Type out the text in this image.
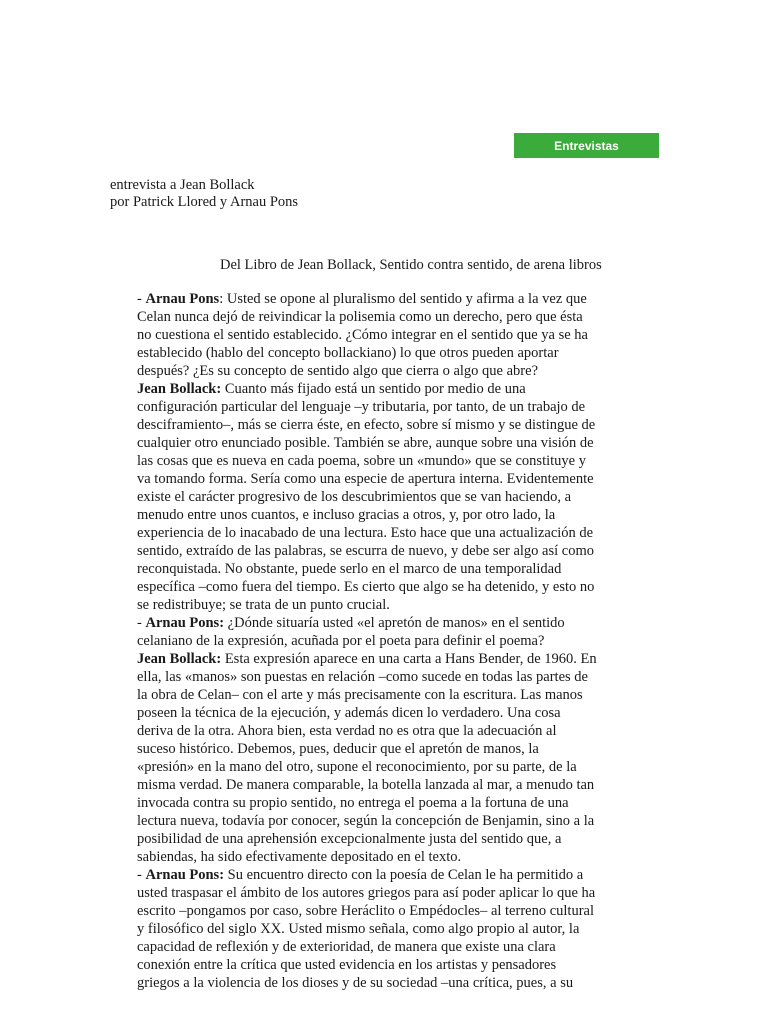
Entrevistas
entrevista a Jean Bollack
por Patrick Llored y Arnau Pons
Del Libro de Jean Bollack, Sentido contra sentido, de arena libros
- Arnau Pons: Usted se opone al pluralismo del sentido y afirma a la vez que
Celan nunca dejó de reivindicar la polisemia como un derecho, pero que ésta
no cuestiona el sentido establecido. ¿Cómo integrar en el sentido que ya se ha
establecido (hablo del concepto bollackiano) lo que otros pueden aportar
después? ¿Es su concepto de sentido algo que cierra o algo que abre?
Jean Bollack: Cuanto más fijado está un sentido por medio de una
configuración particular del lenguaje –y tributaria, por tanto, de un trabajo de
desciframiento–, más se cierra éste, en efecto, sobre sí mismo y se distingue de
cualquier otro enunciado posible. También se abre, aunque sobre una visión de
las cosas que es nueva en cada poema, sobre un «mundo» que se constituye y
va tomando forma. Sería como una especie de apertura interna. Evidentemente
existe el carácter progresivo de los descubrimientos que se van haciendo, a
menudo entre unos cuantos, e incluso gracias a otros, y, por otro lado, la
experiencia de lo inacabado de una lectura. Esto hace que una actualización de
sentido, extraído de las palabras, se escurra de nuevo, y debe ser algo así como
reconquistada. No obstante, puede serlo en el marco de una temporalidad
específica –como fuera del tiempo. Es cierto que algo se ha detenido, y esto no
se redistribuye; se trata de un punto crucial.
- Arnau Pons: ¿Dónde situaría usted «el apretón de manos» en el sentido
celaniano de la expresión, acuñada por el poeta para definir el poema?
Jean Bollack: Esta expresión aparece en una carta a Hans Bender, de 1960. En
ella, las «manos» son puestas en relación –como sucede en todas las partes de
la obra de Celan– con el arte y más precisamente con la escritura. Las manos
poseen la técnica de la ejecución, y además dicen lo verdadero. Una cosa
deriva de la otra. Ahora bien, esta verdad no es otra que la adecuación al
suceso histórico. Debemos, pues, deducir que el apretón de manos, la
«presión» en la mano del otro, supone el reconocimiento, por su parte, de la
misma verdad. De manera comparable, la botella lanzada al mar, a menudo tan
invocada contra su propio sentido, no entrega el poema a la fortuna de una
lectura nueva, todavía por conocer, según la concepción de Benjamin, sino a la
posibilidad de una aprehensión excepcionalmente justa del sentido que, a
sabiendas, ha sido efectivamente depositado en el texto.
- Arnau Pons: Su encuentro directo con la poesía de Celan le ha permitido a
usted traspasar el ámbito de los autores griegos para así poder aplicar lo que ha
escrito –pongamos por caso, sobre Heráclito o Empédocles– al terreno cultural
y filosófico del siglo XX. Usted mismo señala, como algo propio al autor, la
capacidad de reflexión y de exterioridad, de manera que existe una clara
conexión entre la crítica que usted evidencia en los artistas y pensadores
griegos a la violencia de los dioses y de su sociedad –una crítica, pues, a su
